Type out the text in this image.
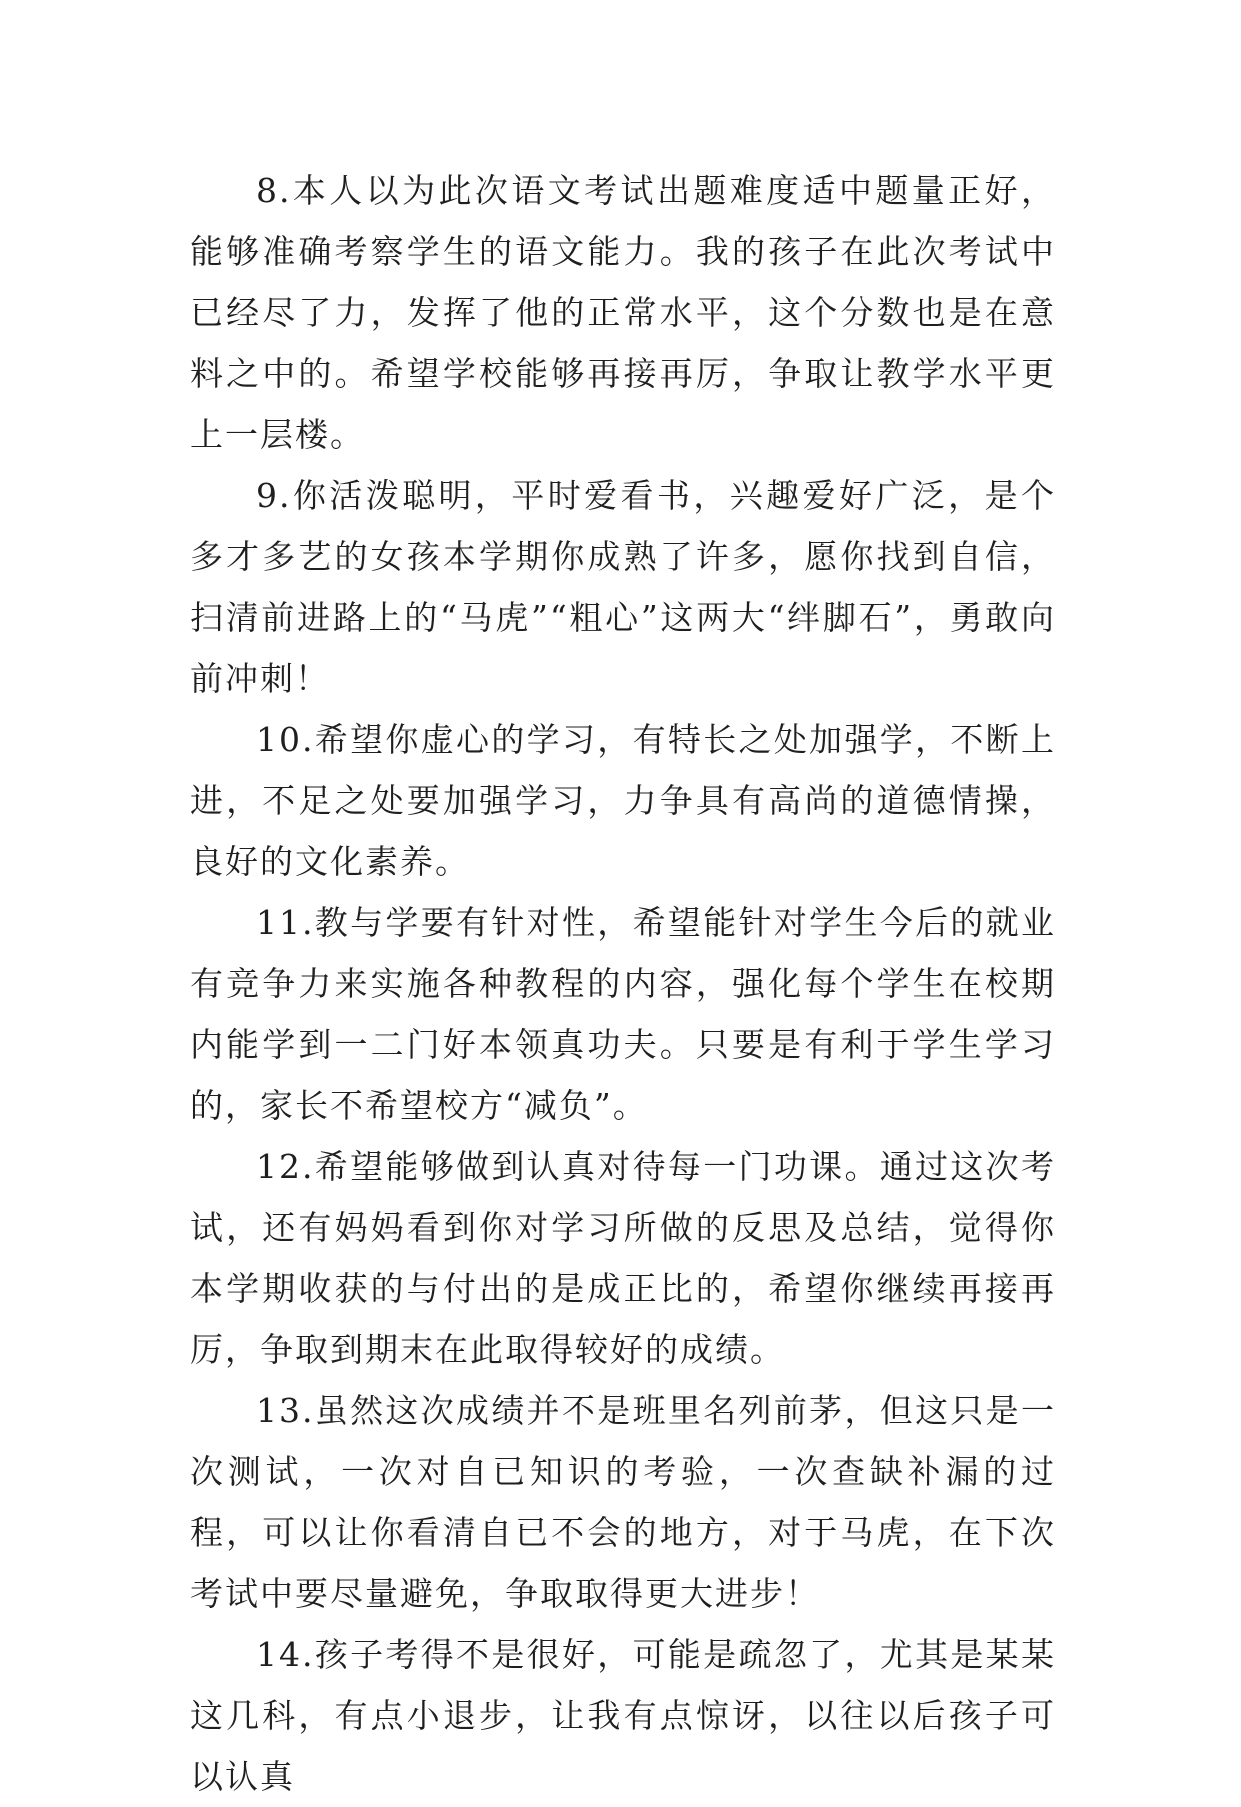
8.本人以为此次语文考试出题难度适中题量正好，能够准确考察学生的语文能力。我的孩子在此次考试中已经尽了力，发挥了他的正常水平，这个分数也是在意料之中的。希望学校能够再接再厉，争取让教学水平更上一层楼。

9.你活泼聪明，平时爱看书，兴趣爱好广泛，是个多才多艺的女孩本学期你成熟了许多，愿你找到自信，扫清前进路上的“马虎”“粗心”这两大“绊脚石”，勇敢向前冲刺！

10.希望你虚心的学习，有特长之处加强学，不断上进，不足之处要加强学习，力争具有高尚的道德情操，良好的文化素养。

11.教与学要有针对性，希望能针对学生今后的就业有竞争力来实施各种教程的内容，强化每个学生在校期内能学到一二门好本领真功夫。只要是有利于学生学习的，家长不希望校方“减负”。

12.希望能够做到认真对待每一门功课。通过这次考试，还有妈妈看到你对学习所做的反思及总结，觉得你本学期收获的与付出的是成正比的，希望你继续再接再厉，争取到期末在此取得较好的成绩。

13.虽然这次成绩并不是班里名列前茅，但这只是一次测试，一次对自已知识的考验，一次查缺补漏的过程，可以让你看清自已不会的地方，对于马虎，在下次考试中要尽量避免，争取取得更大进步！

14.孩子考得不是很好，可能是疏忽了，尤其是某某这几科，有点小退步，让我有点惊讶，以往以后孩子可以认真
